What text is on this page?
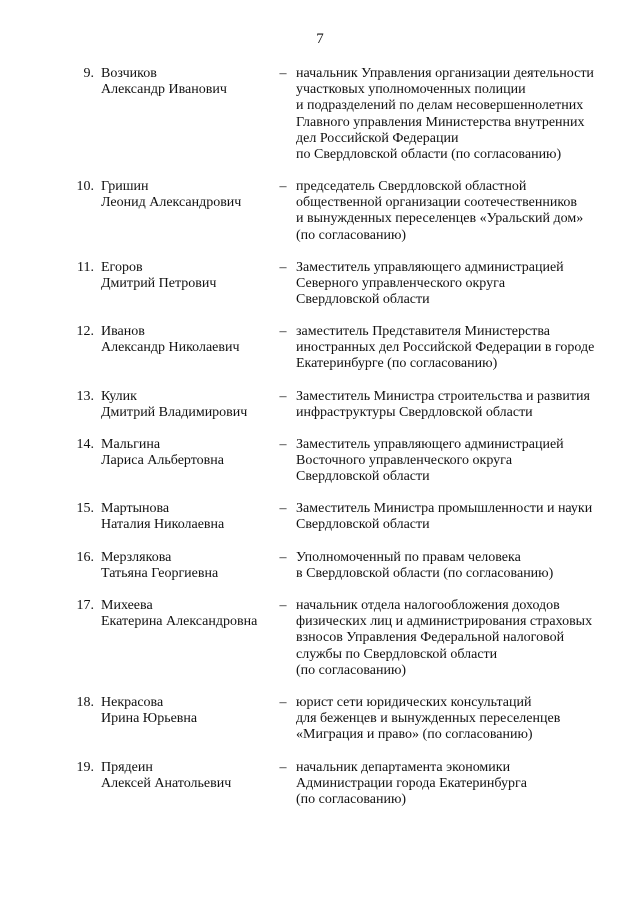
7
9. Возчиков
Александр Иванович
– начальник Управления организации деятельности
участковых уполномоченных полиции
и подразделений по делам несовершеннолетних
Главного управления Министерства внутренних
дел Российской Федерации
по Свердловской области (по согласованию)
10. Гришин
Леонид Александрович
– председатель Свердловской областной
общественной организации соотечественников
и вынужденных переселенцев «Уральский дом»
(по согласованию)
11. Егоров
Дмитрий Петрович
– Заместитель управляющего администрацией
Северного управленческого округа
Свердловской области
12. Иванов
Александр Николаевич
– заместитель Представителя Министерства
иностранных дел Российской Федерации в городе
Екатеринбурге (по согласованию)
13. Кулик
Дмитрий Владимирович
– Заместитель Министра строительства и развития
инфраструктуры Свердловской области
14. Мальгина
Лариса Альбертовна
– Заместитель управляющего администрацией
Восточного управленческого округа
Свердловской области
15. Мартынова
Наталия Николаевна
– Заместитель Министра промышленности и науки
Свердловской области
16. Мерзлякова
Татьяна Георгиевна
– Уполномоченный по правам человека
в Свердловской области (по согласованию)
17. Михеева
Екатерина Александровна
– начальник отдела налогообложения доходов
физических лиц и администрирования страховых
взносов Управления Федеральной налоговой
службы по Свердловской области
(по согласованию)
18. Некрасова
Ирина Юрьевна
– юрист сети юридических консультаций
для беженцев и вынужденных переселенцев
«Миграция и право» (по согласованию)
19. Прядеин
Алексей Анатольевич
– начальник департамента экономики
Администрации города Екатеринбурга
(по согласованию)
